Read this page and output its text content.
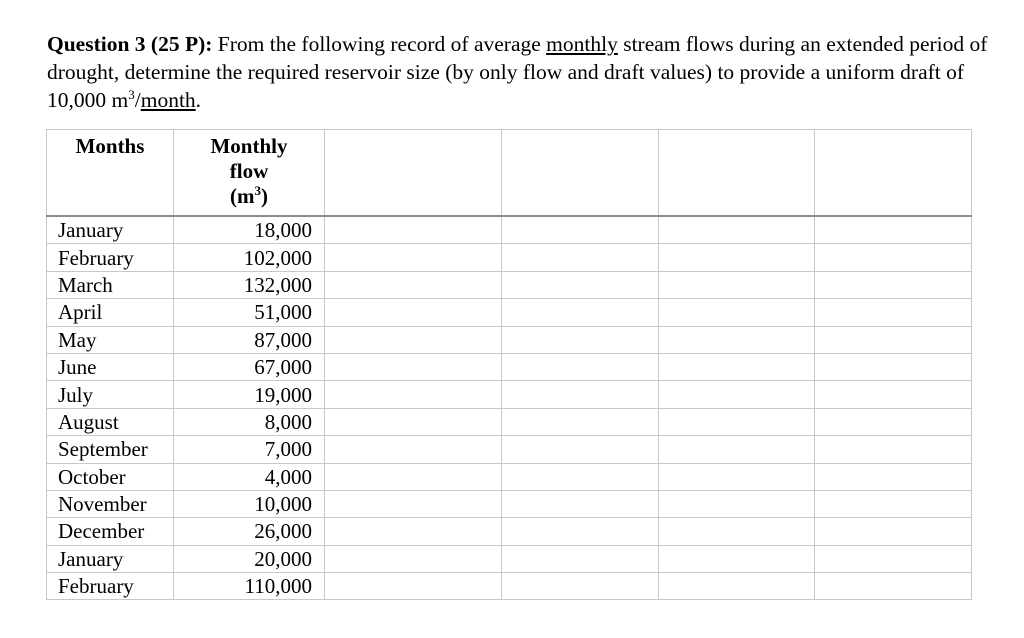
Question 3 (25 P): From the following record of average monthly stream flows during an extended period of drought, determine the required reservoir size (by only flow and draft values) to provide a uniform draft of 10,000 $m^3$/month.

Months	Monthly
flow
$(m^3)$				
January	18,000				
February	102,000				
March	132,000				
April	51,000				
May	87,000				
June	67,000				
July	19,000				
August	8,000				
September	7,000				
October	4,000				
November	10,000				
December	26,000				
January	20,000				
February	110,000				
